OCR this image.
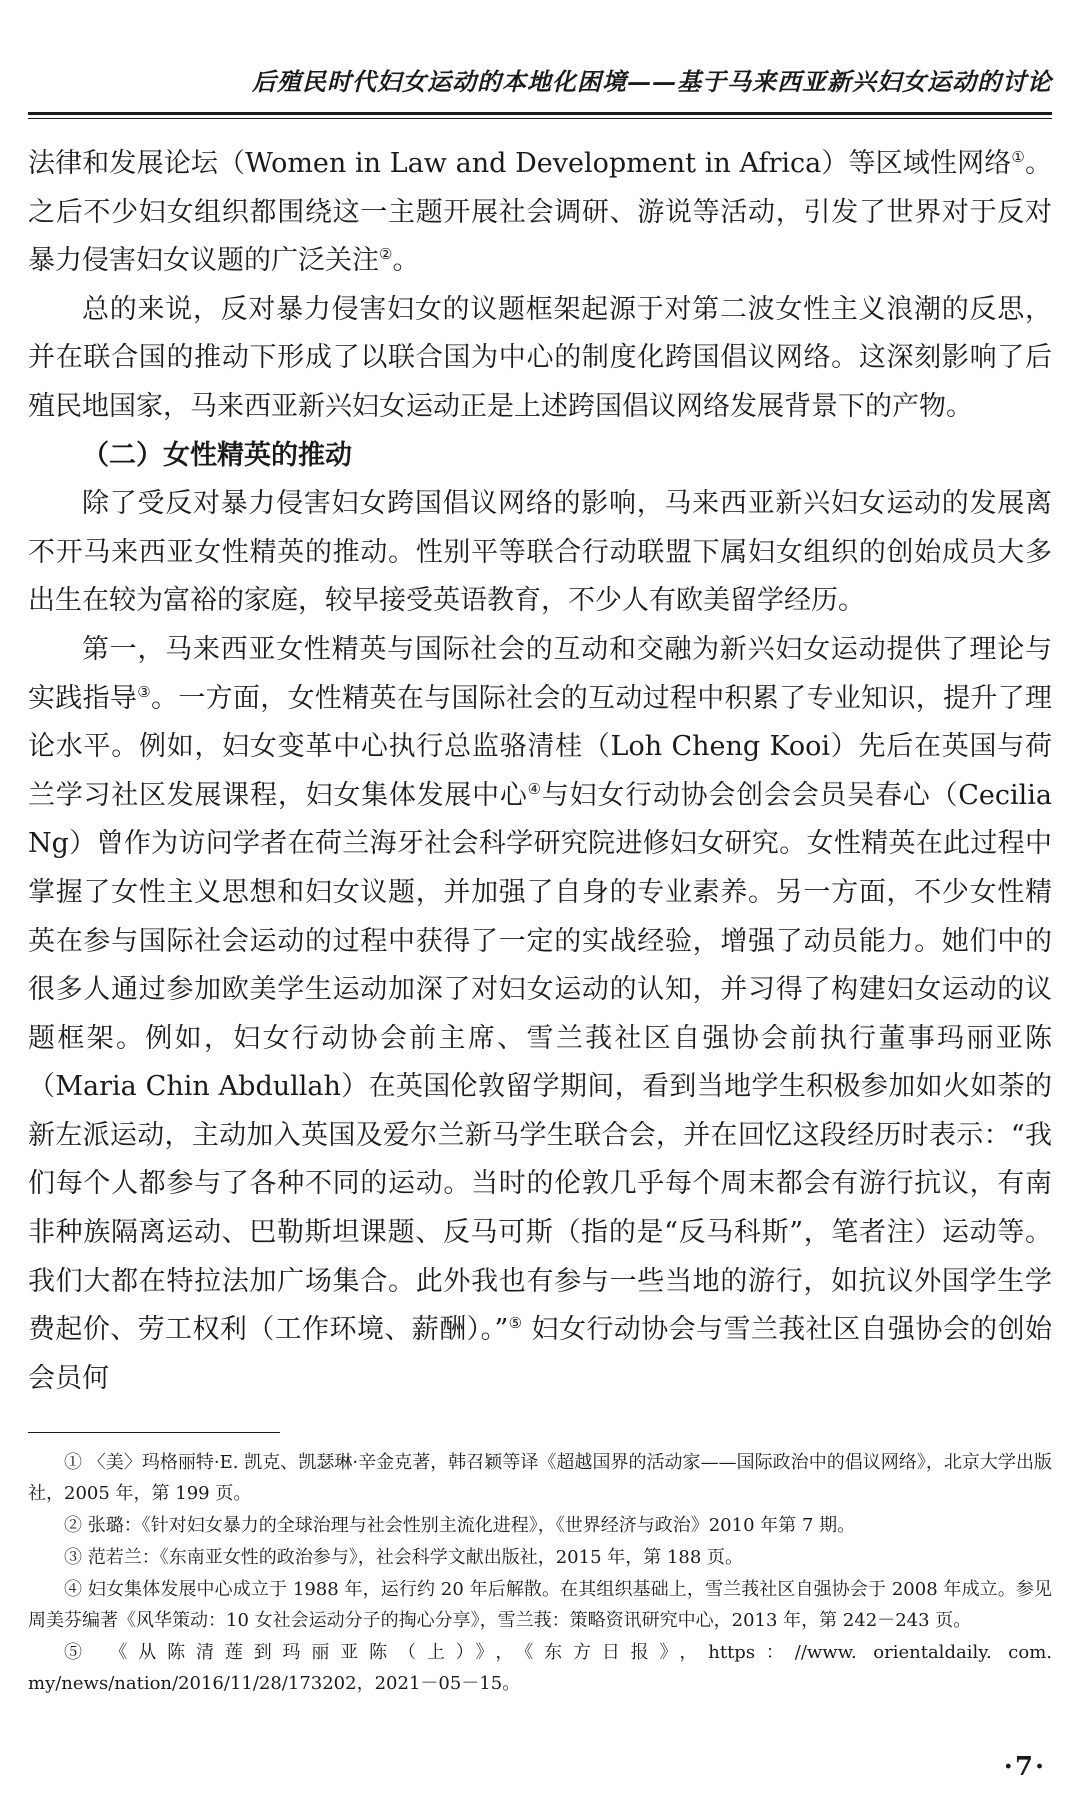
后殖民时代妇女运动的本地化困境——基于马来西亚新兴妇女运动的讨论

法律和发展论坛（Women in Law and Development in Africa）等区域性网络①。之后不少妇女组织都围绕这一主题开展社会调研、游说等活动，引发了世界对于反对暴力侵害妇女议题的广泛关注②。

总的来说，反对暴力侵害妇女的议题框架起源于对第二波女性主义浪潮的反思，并在联合国的推动下形成了以联合国为中心的制度化跨国倡议网络。这深刻影响了后殖民地国家，马来西亚新兴妇女运动正是上述跨国倡议网络发展背景下的产物。

（二）女性精英的推动

除了受反对暴力侵害妇女跨国倡议网络的影响，马来西亚新兴妇女运动的发展离不开马来西亚女性精英的推动。性别平等联合行动联盟下属妇女组织的创始成员大多出生在较为富裕的家庭，较早接受英语教育，不少人有欧美留学经历。

第一，马来西亚女性精英与国际社会的互动和交融为新兴妇女运动提供了理论与实践指导③。一方面，女性精英在与国际社会的互动过程中积累了专业知识，提升了理论水平。例如，妇女变革中心执行总监骆清桂（Loh Cheng Kooi）先后在英国与荷兰学习社区发展课程，妇女集体发展中心④与妇女行动协会创会会员吴春心（Cecilia Ng）曾作为访问学者在荷兰海牙社会科学研究院进修妇女研究。女性精英在此过程中掌握了女性主义思想和妇女议题，并加强了自身的专业素养。另一方面，不少女性精英在参与国际社会运动的过程中获得了一定的实战经验，增强了动员能力。她们中的很多人通过参加欧美学生运动加深了对妇女运动的认知，并习得了构建妇女运动的议题框架。例如，妇女行动协会前主席、雪兰莪社区自强协会前执行董事玛丽亚陈（Maria Chin Abdullah）在英国伦敦留学期间，看到当地学生积极参加如火如荼的新左派运动，主动加入英国及爱尔兰新马学生联合会，并在回忆这段经历时表示：“我们每个人都参与了各种不同的运动。当时的伦敦几乎每个周末都会有游行抗议，有南非种族隔离运动、巴勒斯坦课题、反马可斯（指的是“反马科斯”，笔者注）运动等。我们大都在特拉法加广场集合。此外我也有参与一些当地的游行，如抗议外国学生学费起价、劳工权利（工作环境、薪酬）。”⑤ 妇女行动协会与雪兰莪社区自强协会的创始会员何

① 〈美〉玛格丽特·E. 凯克、凯瑟琳·辛金克著，韩召颖等译《超越国界的活动家——国际政治中的倡议网络》，北京大学出版社，2005 年，第 199 页。

② 张璐：《针对妇女暴力的全球治理与社会性别主流化进程》，《世界经济与政治》2010 年第 7 期。

③ 范若兰：《东南亚女性的政治参与》，社会科学文献出版社，2015 年，第 188 页。

④ 妇女集体发展中心成立于 1988 年，运行约 20 年后解散。在其组织基础上，雪兰莪社区自强协会于 2008 年成立。参见周美芬编著《风华策动：10 女社会运动分子的掏心分享》，雪兰莪：策略资讯研究中心，2013 年，第 242－243 页。

⑤ 《从陈清莲到玛丽亚陈（上）》，《东方日报》，https：//www. orientaldaily. com. my/news/nation/2016/11/28/173202，2021－05－15。

·7·
